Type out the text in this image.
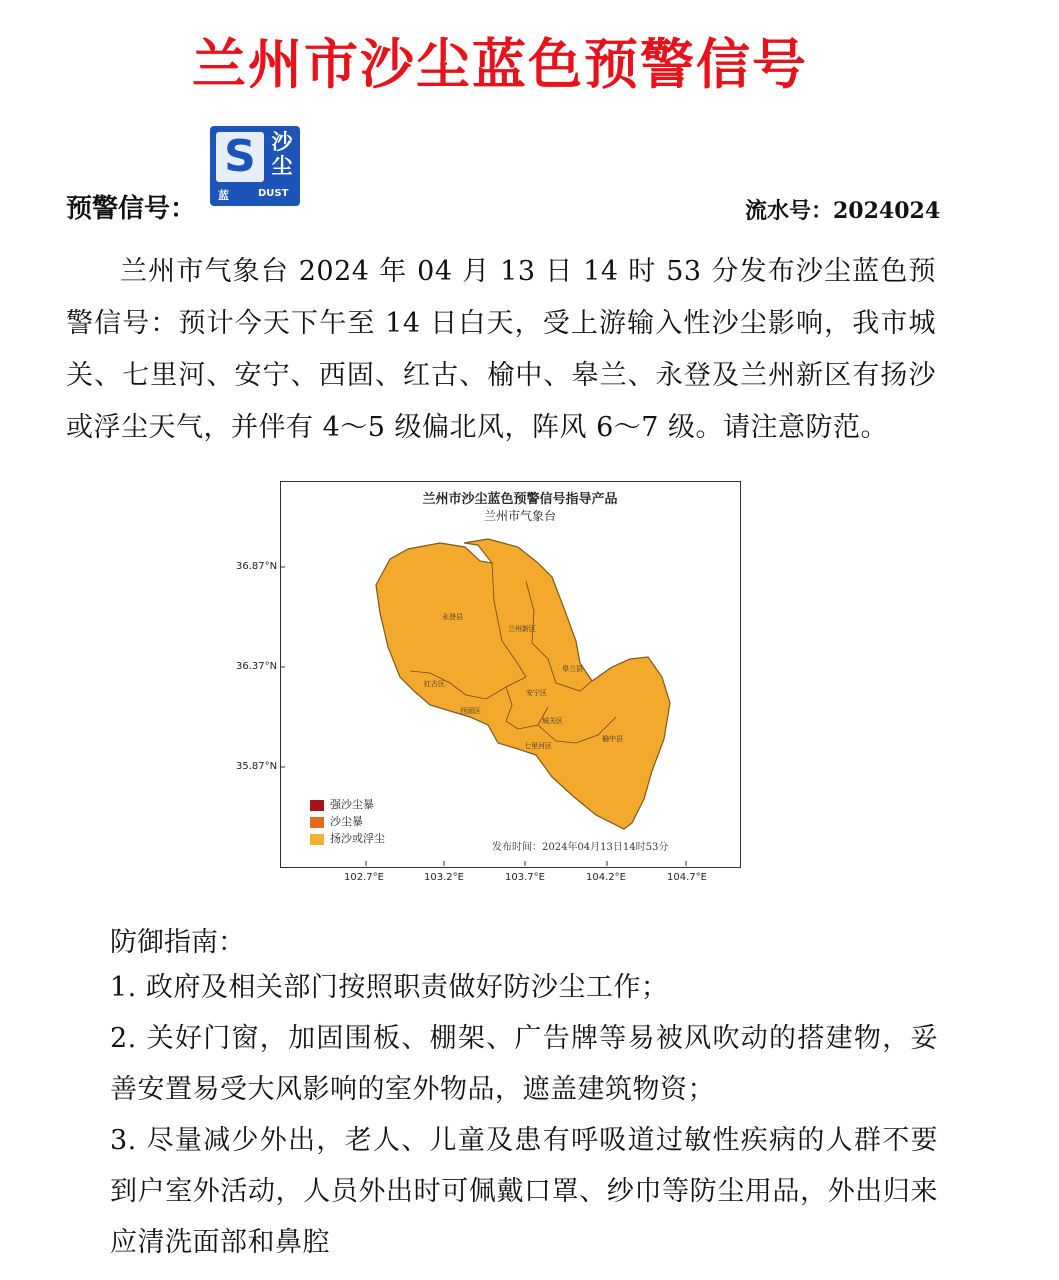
兰州市沙尘蓝色预警信号
S 沙
尘
蓝	DUST
预警信号：	流水号：2024024
兰州市气象台 2024 年 04 月 13 日 14 时 53 分发布沙尘蓝色预警信号：预计今天下午至 14 日白天，受上游输入性沙尘影响，我市城关、七里河、安宁、西固、红古、榆中、皋兰、永登及兰州新区有扬沙或浮尘天气，并伴有 4～5 级偏北风，阵风 6～7 级。请注意防范。
兰州市沙尘蓝色预警信号指导产品
兰州市气象台
永登县
兰州新区
皋兰县
红古区
西固区
安宁区
城关区
七里河区
榆中县
36.87°N
36.37°N
35.87°N
102.7°E	103.2°E	103.7°E	104.2°E	104.7°E
强沙尘暴
沙尘暴
扬沙或浮尘
发布时间：2024年04月13日14时53分
防御指南：

1. 政府及相关部门按照职责做好防沙尘工作；

2. 关好门窗，加固围板、棚架、广告牌等易被风吹动的搭建物，妥善安置易受大风影响的室外物品，遮盖建筑物资；

3. 尽量减少外出，老人、儿童及患有呼吸道过敏性疾病的人群不要到户室外活动，人员外出时可佩戴口罩、纱巾等防尘用品，外出归来应清洗面部和鼻腔
